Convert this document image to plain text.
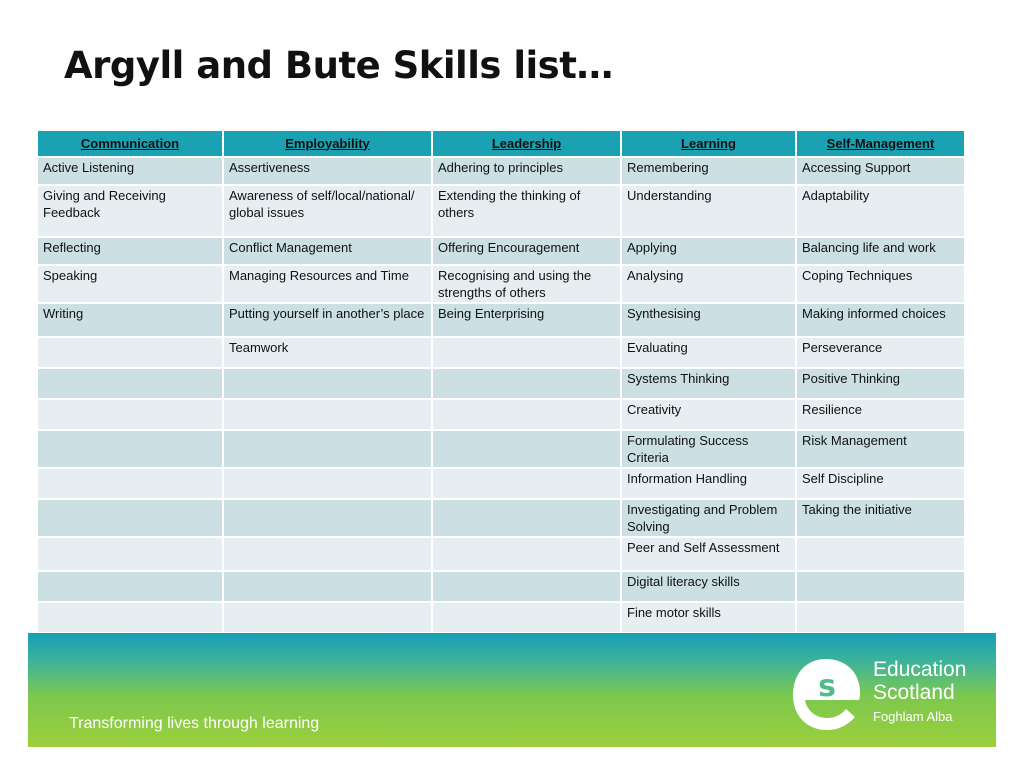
Argyll and Bute Skills list…
Communication	Employability	Leadership	Learning	Self-Management
Active Listening	Assertiveness	Adhering to principles	Remembering	Accessing Support
Giving and Receiving Feedback	Awareness of self/local/national/ global issues	Extending the thinking of others	Understanding	Adaptability
Reflecting	Conflict Management	Offering Encouragement	Applying	Balancing life and work
Speaking	Managing Resources and Time	Recognising and using the strengths of others	Analysing	Coping Techniques
Writing	Putting yourself in another’s place	Being Enterprising	Synthesising	Making informed choices
	Teamwork		Evaluating	Perseverance
			Systems Thinking	Positive Thinking
			Creativity	Resilience
			Formulating Success Criteria	Risk Management
			Information Handling	Self Discipline
			Investigating and Problem Solving	Taking the initiative
			Peer and Self Assessment	
			Digital literacy skills	
			Fine motor skills	
Transforming lives through learning
s Education
Scotland
Foghlam Alba
